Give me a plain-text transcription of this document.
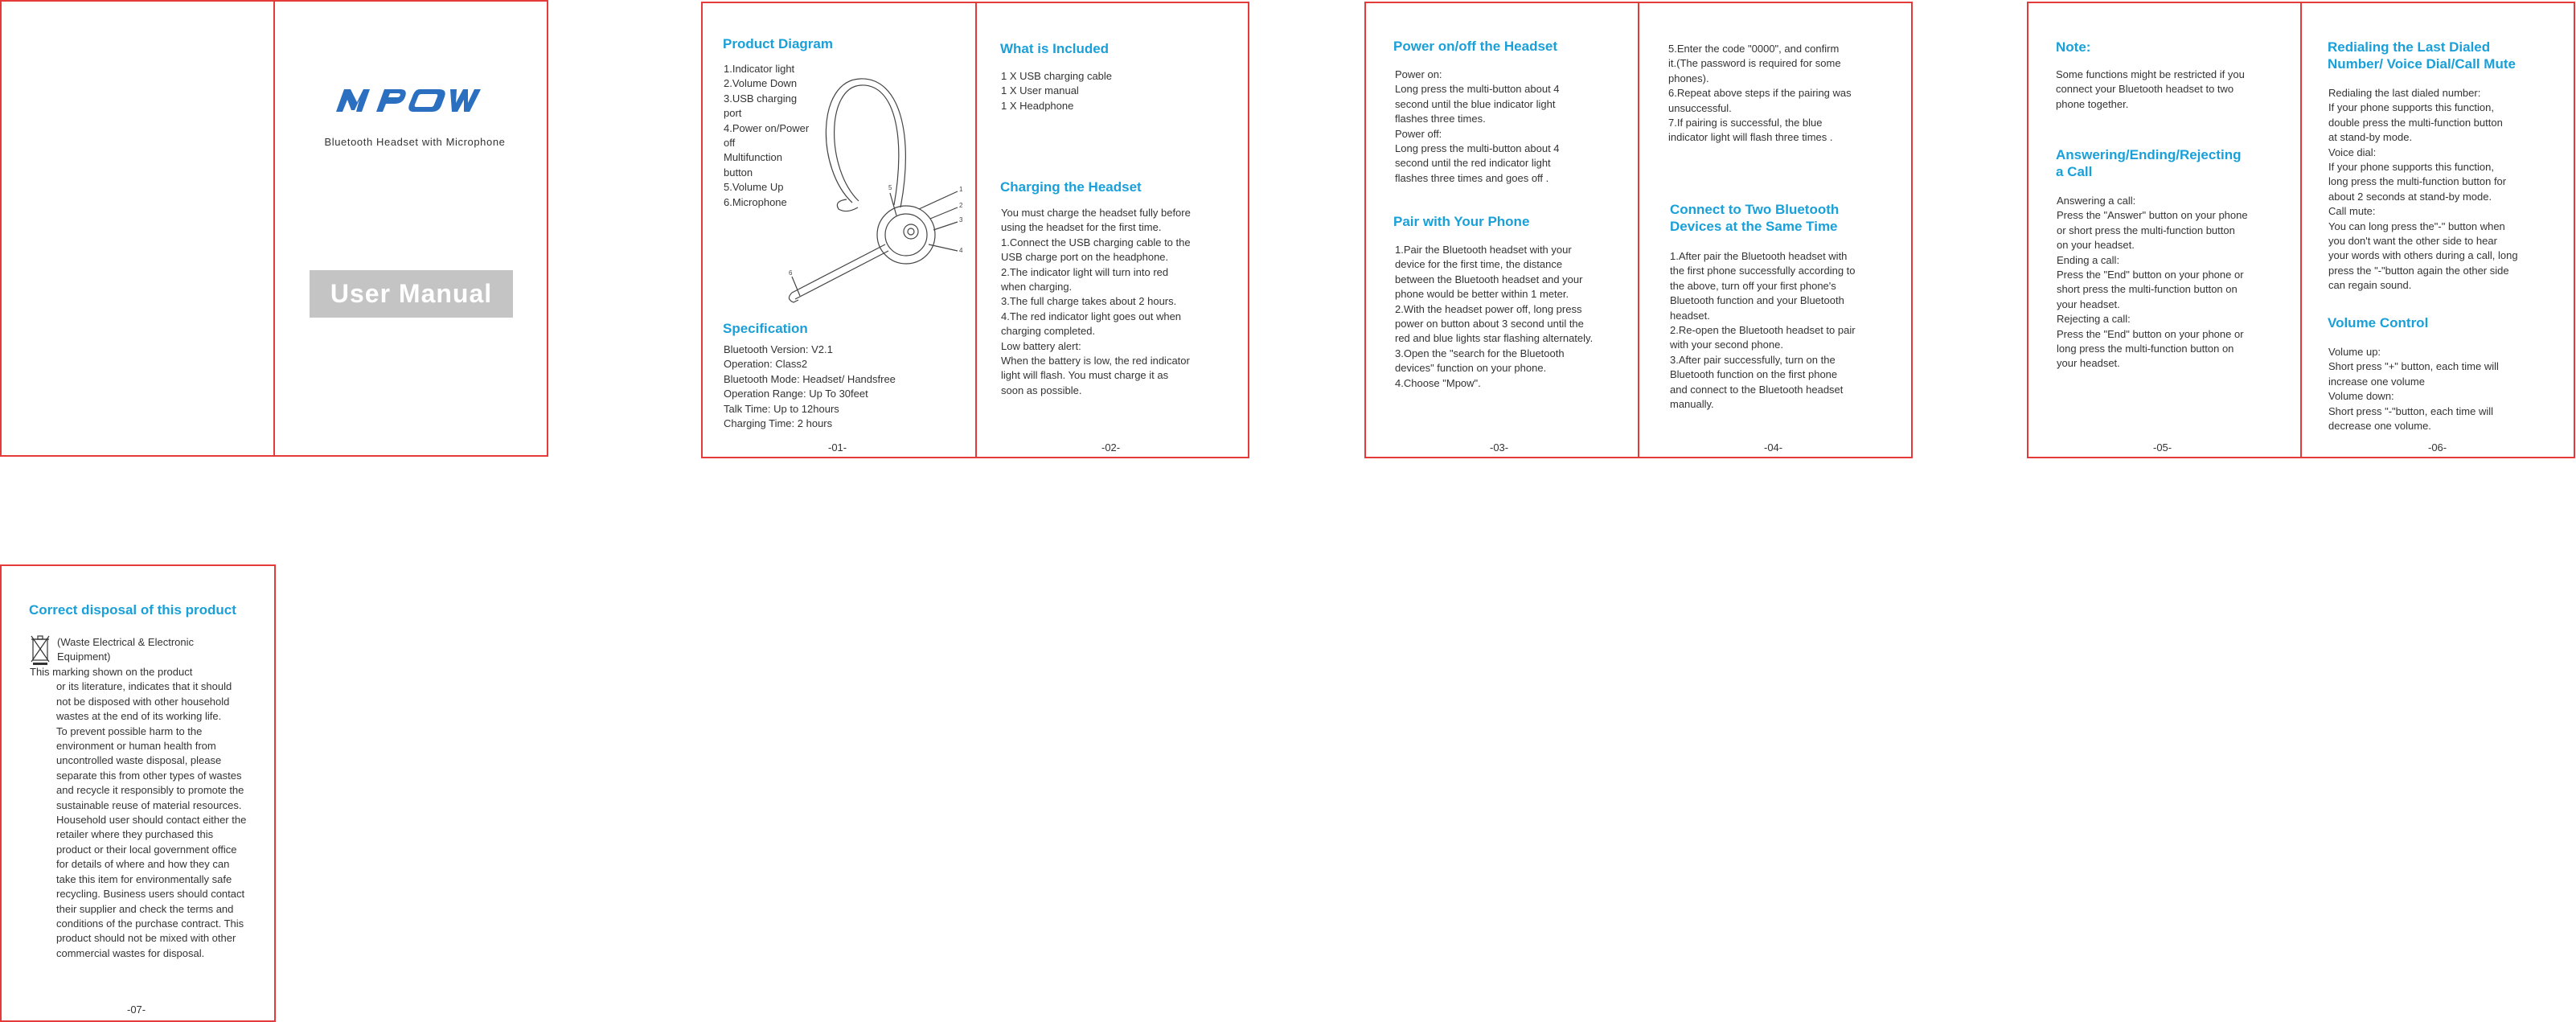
Bluetooth Headset with Microphone
User Manual
Product Diagram
1.Indicator light
2.Volume Down
3.USB charging
port
4.Power on/Power
off
Multifunction
button
5.Volume Up
6.Microphone
1
2
3
4
5
6
Specification
Bluetooth Version: V2.1
Operation: Class2
Bluetooth Mode: Headset/ Handsfree
Operation Range: Up To 30feet
Talk Time: Up to 12hours
Charging Time: 2 hours
-01-
What is Included
1 X USB charging cable
1 X User manual
1 X Headphone
Charging the Headset
You must charge the headset fully before
using the headset for the first time.
1.Connect the USB charging cable to the
USB charge port on the headphone.
2.The indicator light will turn into red
when charging.
3.The full charge takes about 2 hours.
4.The red indicator light goes out when
charging completed.
Low battery alert:
When the battery is low, the red indicator
light will flash. You must charge it as
soon as possible.
-02-
Power on/off the Headset
Power on:
Long press the multi-button about 4
second until the blue indicator light
flashes three times.
Power off:
Long press the multi-button about 4
second until the red indicator light
flashes three times and goes off .
Pair with Your Phone
1.Pair the Bluetooth headset with your
device for the first time, the distance
between the Bluetooth headset and your
phone would be better within 1 meter.
2.With the headset power off, long press
power on button about 3 second until the
red and blue lights star flashing alternately.
3.Open the "search for the Bluetooth
devices" function on your phone.
4.Choose "Mpow".
-03-
5.Enter the code "0000", and confirm
it.(The password is required for some
phones).
6.Repeat above steps if the pairing was
unsuccessful.
7.If pairing is successful, the blue
indicator light will flash three times .
Connect to Two Bluetooth
Devices at the Same Time
1.After pair the Bluetooth headset with
the first phone successfully according to
the above, turn off your first phone's
Bluetooth function and your Bluetooth
headset.
2.Re-open the Bluetooth headset to pair
with your second phone.
3.After pair successfully, turn on the
Bluetooth function on the first phone
and connect to the Bluetooth headset
manually.
-04-
Note:
Some functions might be restricted if you
connect your Bluetooth headset to two
phone together.
Answering/Ending/Rejecting
a Call
Answering a call:
Press the "Answer" button on your phone
or short press the multi-function button
on your headset.
Ending a call:
Press the "End" button on your phone or
short press the multi-function button on
your headset.
Rejecting a call:
Press the "End" button on your phone or
long press the multi-function button on
your headset.
-05-
Redialing the Last Dialed
Number/ Voice Dial/Call Mute
Redialing the last dialed number:
If your phone supports this function,
double press the multi-function button
at stand-by mode.
Voice dial:
If your phone supports this function,
long press the multi-function button for
about 2 seconds at stand-by mode.
Call mute:
You can long press the"-" button when
you don't want the other side to hear
your words with others during a call, long
press the "-"button again the other side
can regain sound.
Volume Control
Volume up:
Short press "+" button, each time will
increase one volume
Volume down:
Short press "-"button, each time will
decrease one volume.
-06-
Correct disposal of this product
(Waste Electrical & Electronic
Equipment)
This marking shown on the product
or its literature, indicates that it should
not be disposed with other household
wastes at the end of its working life.
To prevent possible harm to the
environment or human health from
uncontrolled waste disposal, please
separate this from other types of wastes
and recycle it responsibly to promote the
sustainable reuse of material resources.
Household user should contact either the
retailer where they purchased this
product or their local government office
for details of where and how they can
take this item for environmentally safe
recycling. Business users should contact
their supplier and check the terms and
conditions of the purchase contract. This
product should not be mixed with other
commercial wastes for disposal.
-07-
